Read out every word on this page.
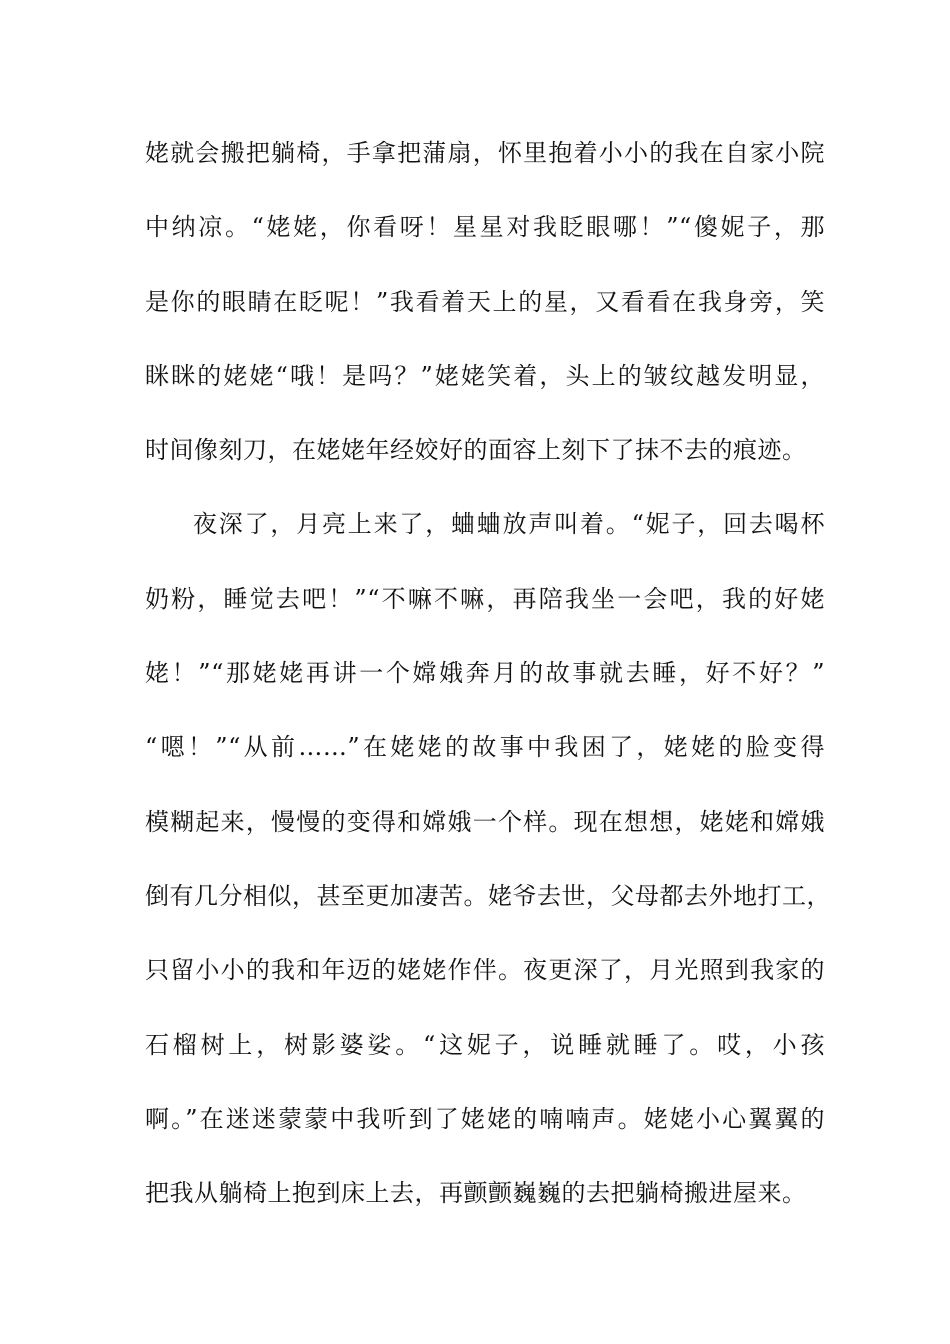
姥就会搬把躺椅，手拿把蒲扇，怀里抱着小小的我在自家小院
中纳凉。“姥姥，你看呀！星星对我眨眼哪！”“傻妮子，那
是你的眼睛在眨呢！”我看着天上的星，又看看在我身旁，笑
眯眯的姥姥“哦！是吗？”姥姥笑着，头上的皱纹越发明显，
时间像刻刀，在姥姥年经姣好的面容上刻下了抹不去的痕迹。
夜深了，月亮上来了，蛐蛐放声叫着。“妮子，回去喝杯
奶粉，睡觉去吧！”“不嘛不嘛，再陪我坐一会吧，我的好姥
姥！”“那姥姥再讲一个嫦娥奔月的故事就去睡，好不好？”
“嗯！”“从前……”在姥姥的故事中我困了，姥姥的脸变得
模糊起来，慢慢的变得和嫦娥一个样。现在想想，姥姥和嫦娥
倒有几分相似，甚至更加凄苦。姥爷去世，父母都去外地打工，
只留小小的我和年迈的姥姥作伴。夜更深了，月光照到我家的
石榴树上，树影婆娑。“这妮子，说睡就睡了。哎，小孩
啊。”在迷迷蒙蒙中我听到了姥姥的喃喃声。姥姥小心翼翼的
把我从躺椅上抱到床上去，再颤颤巍巍的去把躺椅搬进屋来。
